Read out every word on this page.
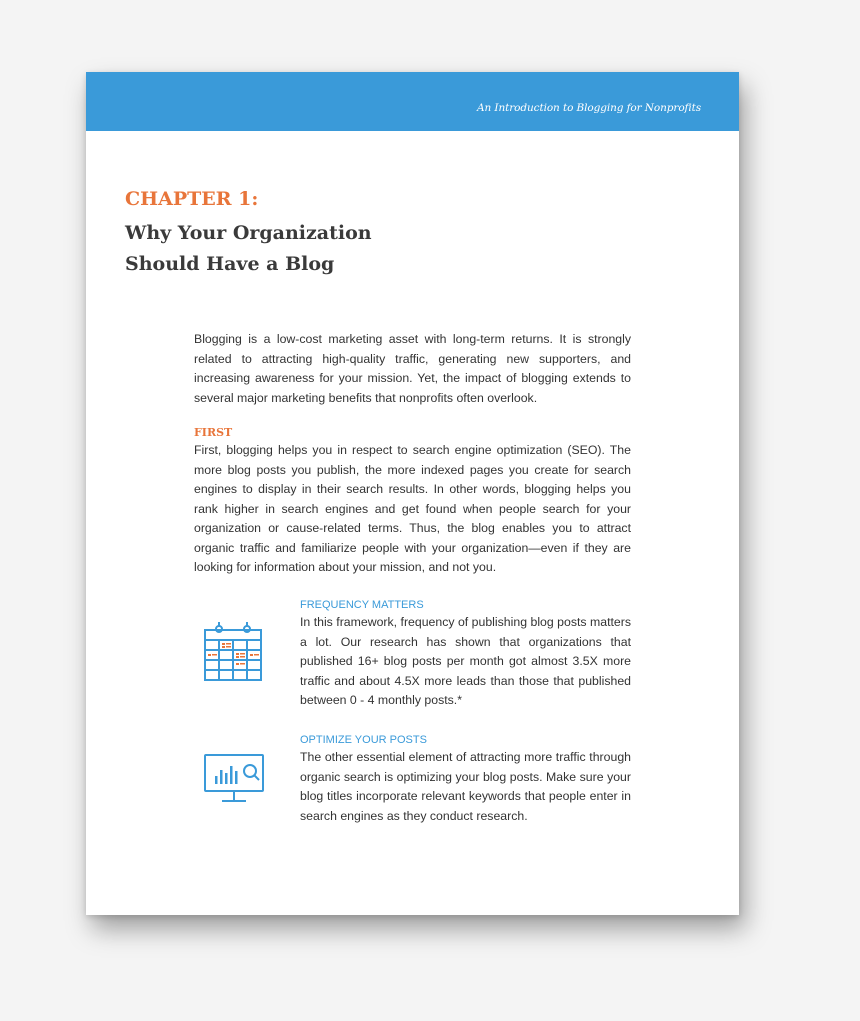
An Introduction to Blogging for Nonprofits
CHAPTER 1:
Why Your Organization
Should Have a Blog

Blogging is a low-cost marketing asset with long-term returns. It is strongly related to attracting high-quality traffic, generating new supporters, and increasing awareness for your mission. Yet, the impact of blogging extends to several major marketing benefits that nonprofits often overlook.

FIRST

First, blogging helps you in respect to search engine optimization (SEO). The more blog posts you publish, the more indexed pages you create for search engines to display in their search results. In other words, blogging helps you rank higher in search engines and get found when people search for your organization or cause-related terms. Thus, the blog enables you to attract organic traffic and familiarize people with your organization—even if they are looking for information about your mission, and not you.

FREQUENCY MATTERS

In this framework, frequency of publishing blog posts matters a lot. Our research has shown that organizations that published 16+ blog posts per month got almost 3.5X more traffic and about 4.5X more leads than those that published between 0 - 4 monthly posts.*

OPTIMIZE YOUR POSTS

The other essential element of attracting more traffic through organic search is optimizing your blog posts. Make sure your blog titles incorporate relevant keywords that people enter in search engines as they conduct research.
